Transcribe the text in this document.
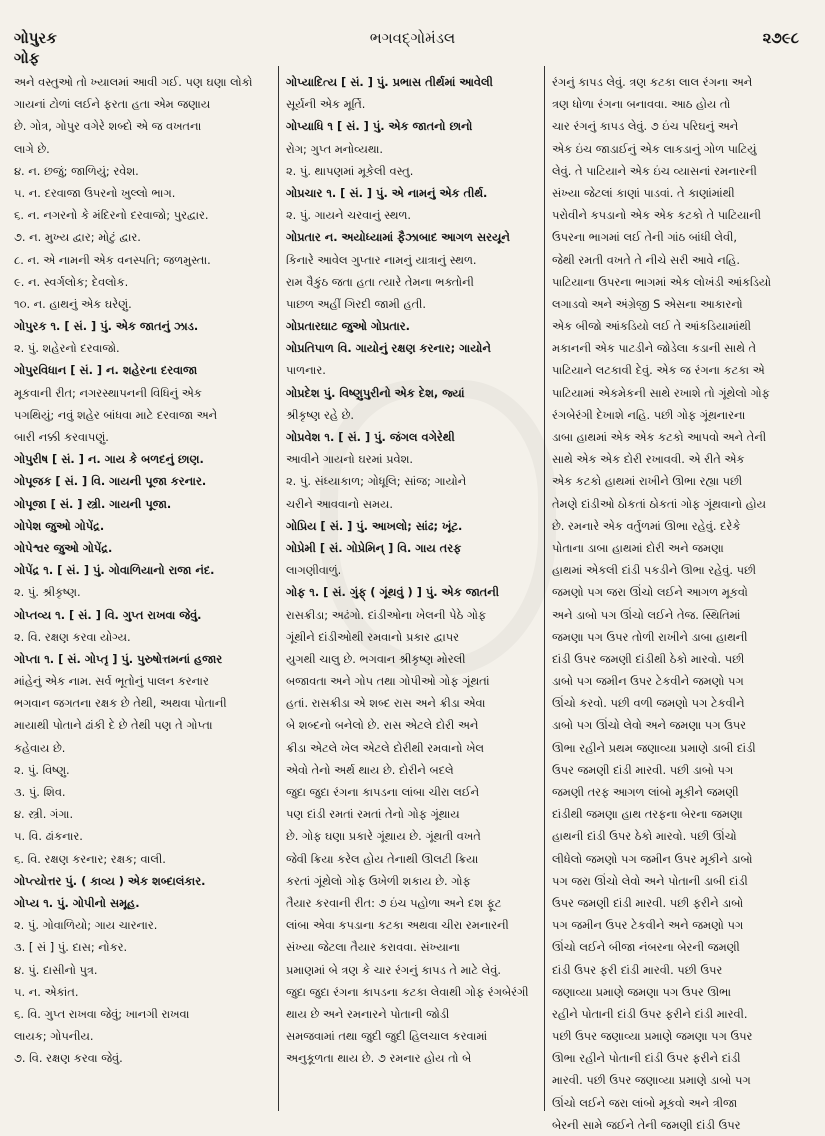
ગોપુરક
ગોફ
ભગવદ્ગોમંડલ	૨૭૯૮
અને વસ્તુઓ તો ખ્યાલમાં આવી ગઈ. પણ ઘણા લોકો
ગાયનાં ટોળાં લઈને ફરતા હતા એમ જણાય
છે. ગોત્ર, ગોપુર વગેરે શબ્દો એ જ વખતના
લાગે છે.
૪. ન. છજું; જાળિયું; રવેશ.
૫. ન. દરવાજા ઉપરનો ખુલ્લો ભાગ.
૬. ન. નગરનો કે મંદિરનો દરવાજો; પુરદ્વાર.
૭. ન. મુખ્ય દ્વાર; મોટું દ્વાર.
૮. ન. એ નામની એક વનસ્પતિ; જળમુસ્તા.
૯. ન. સ્વર્ગલોક; દેવલોક.
૧૦. ન. હાથનું એક ઘરેણું.
ગોપુરક ૧. [ સં. ] પું. એક જાતનું ઝાડ.
૨. પું. શહેરનો દરવાજો.
ગોપુરવિધાન [ સં. ] ન. શહેરના દરવાજા
મૂકવાની રીત; નગરસ્થાપનની વિધિનું એક
પગથિયું; નવું શહેર બાંધવા માટે દરવાજા અને
બારી નક્કી કરવાપણું.
ગોપુરીષ [ સં. ] ન. ગાય કે બળદનું છાણ.
ગોપૂજક [ સં. ] વિ. ગાયની પૂજા કરનાર.
ગોપૂજા [ સં. ] સ્ત્રી. ગાયની પૂજા.
ગોપેશ જુઓ ગોપેંદ્ર.
ગોપેશ્વર જુઓ ગોપેંદ્ર.
ગોપેંદ્ર ૧. [ સં. ] પું. ગોવાળિયાનો રાજા નંદ.
૨. પું. શ્રીકૃષ્ણ.
ગોપ્તવ્ય ૧. [ સં. ] વિ. ગુપ્ત રાખવા જેવું.
૨. વિ. રક્ષણ કરવા યોગ્ય.
ગોપ્તા ૧. [ સં. ગોપ્તૃ ] પું. પુરુષોત્તમનાં હજાર
માંહેનું એક નામ. સર્વ ભૂતોનું પાલન કરનાર
ભગવાન જગતના રક્ષક છે તેથી, અથવા પોતાની
માયાથી પોતાને ઢાંકી દે છે તેથી પણ તે ગોપ્તા
કહેવાય છે.
૨. પું. વિષ્ણુ.
૩. પું. શિવ.
૪. સ્ત્રી. ગંગા.
૫. વિ. ઢાંકનાર.
૬. વિ. રક્ષણ કરનાર; રક્ષક; વાલી.
ગોપ્ત્યોત્તર પું. ( કાવ્ય ) એક શબ્દાલંકાર.
ગોપ્ય ૧. પું. ગોપીનો સમૂહ.
૨. પું. ગોવાળિયો; ગાય ચારનાર.
૩. [ સં ] પું. દાસ; નોકર.
૪. પું. દાસીનો પુત્ર.
૫. ન. એકાંત.
૬. વિ. ગુપ્ત રાખવા જેવું; ખાનગી રાખવા
લાયક; ગોપનીય.
૭. વિ. રક્ષણ કરવા જેવું.
ગોપ્યાદિત્ય [ સં. ] પું. પ્રભાસ તીર્થમાં આવેલી
સૂર્યની એક મૂર્તિ.
ગોપ્યાધિ ૧ [ સં. ] પું. એક જાતનો છાનો
રોગ; ગુપ્ત મનોવ્યથા.
૨. પું. થાપણમાં મૂકેલી વસ્તુ.
ગોપ્રચાર ૧. [ સં. ] પું. એ નામનું એક તીર્થ.
૨. પું. ગાયને ચરવાનું સ્થળ.
ગોપ્રતાર ન. અયોધ્યામાં ફૈઝાબાદ આગળ સરયૂને
કિનારે આવેલ ગુપ્તાર નામનું યાત્રાનું સ્થળ.
રામ વૈકુંઠ જતા હતા ત્યારે તેમના ભક્તોની
પાછળ અહીં ગિરદી જામી હતી.
ગોપ્રતારઘાટ જુઓ ગોપ્રતાર.
ગોપ્રતિપાળ વિ. ગાયોનું રક્ષણ કરનાર; ગાયોને
પાળનાર.
ગોપ્રદેશ પું. વિષ્ણુપુરીનો એક દેશ, જ્યાં
શ્રીકૃષ્ણ રહે છે.
ગોપ્રવેશ ૧. [ સં. ] પું. જંગલ વગેરેથી
આવીને ગાયનો ઘરમાં પ્રવેશ.
૨. પું. સંધ્યાકાળ; ગોધૂલિ; સાંજ; ગાયોને
ચરીને આવવાનો સમય.
ગોપ્રિય [ સં. ] પું. આખલો; સાંઢ; ખૂંટ.
ગોપ્રેમી [ સં. ગોપ્રેમિન્ ] વિ. ગાય તરફ
લાગણીવાળું.
ગોફ ૧. [ સં. ગુંફ્ ( ગૂંથવું ) ] પું. એક જાતની
રાસક્રીડા; અઢંગો. દાંડીઓના ખેલની પેઠે ગોફ
ગૂંથીને દાંડીઓથી રમવાનો પ્રકાર દ્વાપર
યુગથી ચાલુ છે. ભગવાન શ્રીકૃષ્ણ મોરલી
બજાવતા અને ગોપ તથા ગોપીઓ ગોફ ગૂંથતાં
હતાં. રાસક્રીડા એ શબ્દ રાસ અને ક્રીડા એવા
બે શબ્દનો બનેલો છે. રાસ એટલે દોરી અને
ક્રીડા એટલે ખેલ એટલે દોરીથી રમવાનો ખેલ
એવો તેનો અર્થ થાય છે. દોરીને બદલે
જુદા જુદા રંગના કાપડના લાંબા ચીરા લઈને
પણ દાંડી રમતાં રમતાં તેનો ગોફ ગૂંથાય
છે. ગોફ ઘણા પ્રકારે ગૂંથાય છે. ગૂંથતી વખતે
જેવી ક્રિયા કરેલ હોય તેનાથી ઊલટી ક્રિયા
કરતાં ગૂંથેલો ગોફ ઉખેળી શકાય છે. ગોફ
તૈયાર કરવાની રીત: ૭ ઇંચ પહોળા અને દશ ફૂટ
લાંબા એવા કપડાના કટકા અથવા ચીરા રમનારની
સંખ્યા જેટલા તૈયાર કરાવવા. સંખ્યાના
પ્રમાણમાં બે ત્રણ કે ચાર રંગનું કાપડ તે માટે લેવું.
જુદા જુદા રંગના કાપડના કટકા લેવાથી ગોફ રંગબેરંગી
થાય છે અને રમનારને પોતાની જોડી
સમજવામાં તથા જુદી જુદી હિલચાલ કરવામાં
અનુકૂળતા થાય છે. ૭ રમનાર હોય તો બે
રંગનું કાપડ લેવું. ત્રણ કટકા લાલ રંગના અને
ત્રણ ધોળા રંગના બનાવવા. આઠ હોય તો
ચાર રંગનું કાપડ લેવું. ૭ ઇંચ પરિઘનું અને
એક ઇંચ જાડાઈનું એક લાકડાનું ગોળ પાટિયું
લેવું. તે પાટિયાને એક ઇંચ વ્યાસનાં રમનારની
સંખ્યા જેટલાં કાણાં પાડવાં. તે કાણાંમાંથી
પરોવીને કપડાનો એક એક કટકો તે પાટિયાની
ઉપરના ભાગમાં લઈ તેની ગાંઠ બાંધી લેવી,
જેથી રમતી વખતે તે નીચે સરી આવે નહિ.
પાટિયાના ઉપરના ભાગમાં એક લોખંડી આંકડિયો
લગાડવો અને અંગ્રેજી S એસના આકારનો
એક બીજો આંકડિયો લઈ તે આંકડિયામાંથી
મકાનની એક પાટડીને જોડેલા કડાની સાથે તે
પાટિયાને લટકાવી દેવું. એક જ રંગના કટકા એ
પાટિયામાં એકમેકની સાથે રખાશે તો ગૂંથેલો ગોફ
રંગબેરંગી દેખાશે નહિ. પછી ગોફ ગૂંથનારના
ડાબા હાથમાં એક એક કટકો આપવો અને તેની
સાથે એક એક દોરી રખાવવી. એ રીતે એક
એક કટકો હાથમાં રાખીને ઊભા રહ્યા પછી
તેમણે દાંડીઓ ઠોકતાં ઠોકતાં ગોફ ગૂંથવાનો હોય
છે. રમનારે એક વર્તુળમાં ઊભા રહેવું. દરેકે
પોતાના ડાબા હાથમાં દોરી અને જમણા
હાથમાં એકલી દાંડી પકડીને ઊભા રહેવું. પછી
જમણો પગ જરા ઊંચો લઈને આગળ મૂકવો
અને ડાબો પગ ઊંચો લઈને તેજ. સ્થિતિમાં
જમણા પગ ઉપર તોળી રાખીને ડાબા હાથની
દાંડી ઉપર જમણી દાંડીથી ઠેકો મારવો. પછી
ડાબો પગ જમીન ઉપર ટેકવીને જમણો પગ
ઊંચો કરવો. પછી વળી જમણો પગ ટેકવીને
ડાબો પગ ઊંચો લેવો અને જમણા પગ ઉપર
ઊભા રહીને પ્રથમ જણાવ્યા પ્રમાણે ડાબી દાંડી
ઉપર જમણી દાંડી મારવી. પછી ડાબો પગ
જમણી તરફ આગળ લાંબો મૂકીને જમણી
દાંડીથી જમણા હાથ તરફના બેરના જમણા
હાથની દાંડી ઉપર ઠેકો મારવો. પછી ઊંચો
લીધેલો જમણો પગ જમીન ઉપર મૂકીને ડાબો
પગ જરા ઊંચો લેવો અને પોતાની ડાબી દાંડી
ઉપર જમણી દાંડી મારવી. પછી ફરીને ડાબો
પગ જમીન ઉપર ટેકવીને અને જમણો પગ
ઊંચો લઈને બીજા નંબરના બેરની જમણી
દાંડી ઉપર ફરી દાંડી મારવી. પછી ઉપર
જણાવ્યા પ્રમાણે જમણા પગ ઉપર ઊભા
રહીને પોતાની દાંડી ઉપર ફરીને દાંડી મારવી.
પછી ઉપર જણાવ્યા પ્રમાણે જમણા પગ ઉપર
ઊભા રહીને પોતાની દાંડી ઉપર ફરીને દાંડી
મારવી. પછી ઉપર જણાવ્યા પ્રમાણે ડાબો પગ
ઊંચો લઈને જરા લાંબો મૂકવો અને ત્રીજા
બેરની સામે જઈને તેની જમણી દાંડી ઉપર
